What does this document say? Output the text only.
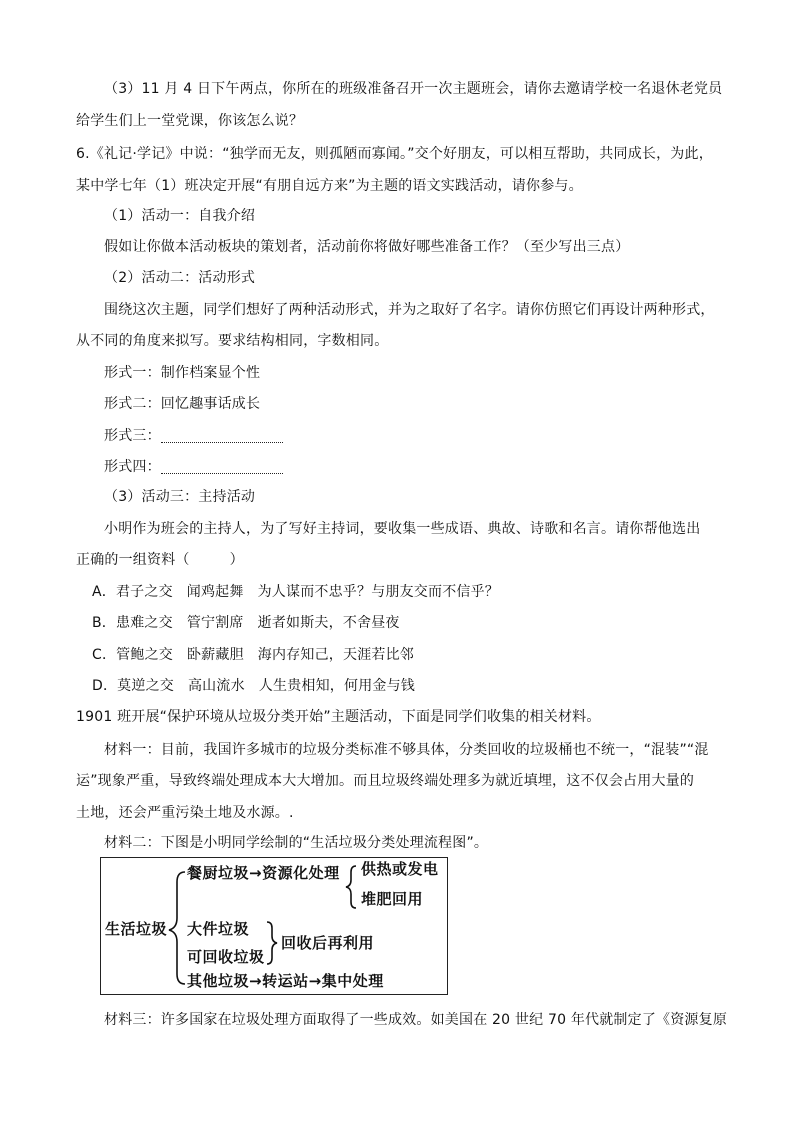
（3）11 月 4 日下午两点，你所在的班级准备召开一次主题班会，请你去邀请学校一名退休老党员
给学生们上一堂党课，你该怎么说？
6.《礼记·学记》中说：“独学而无友，则孤陋而寡闻。”交个好朋友，可以相互帮助，共同成长，为此，
某中学七年（1）班决定开展“有朋自远方来”为主题的语文实践活动，请你参与。
（1）活动一：自我介绍
假如让你做本活动板块的策划者，活动前你将做好哪些准备工作？（至少写出三点）
（2）活动二：活动形式
围绕这次主题，同学们想好了两种活动形式，并为之取好了名字。请你仿照它们再设计两种形式，
从不同的角度来拟写。要求结构相同，字数相同。
形式一：制作档案显个性
形式二：回忆趣事话成长
形式三：
形式四：
（3）活动三：主持活动
小明作为班会的主持人，为了写好主持词，要收集一些成语、典故、诗歌和名言。请你帮他选出
正确的一组资料（	）
A．君子之交 闻鸡起舞 为人谋而不忠乎？与朋友交而不信乎？
B．患难之交 管宁割席 逝者如斯夫，不舍昼夜
C．管鲍之交 卧薪藏胆 海内存知己，天涯若比邻
D．莫逆之交 高山流水 人生贵相知，何用金与钱
1901 班开展“保护环境从垃圾分类开始”主题活动，下面是同学们收集的相关材料。
材料一：目前，我国许多城市的垃圾分类标准不够具体，分类回收的垃圾桶也不统一，“混装”“混
运”现象严重，导致终端处理成本大大增加。而且垃圾终端处理多为就近填埋，这不仅会占用大量的
土地，还会严重污染土地及水源。.
材料二：下图是小明同学绘制的“生活垃圾分类处理流程图”。
生活垃圾
餐厨垃圾→资源化处理 供热或发电
堆肥回用
大件垃圾
可回收垃圾
回收后再利用
其他垃圾→转运站→集中处理
材料三：许多国家在垃圾处理方面取得了一些成效。如美国在 20 世纪 70 年代就制定了《资源复原
